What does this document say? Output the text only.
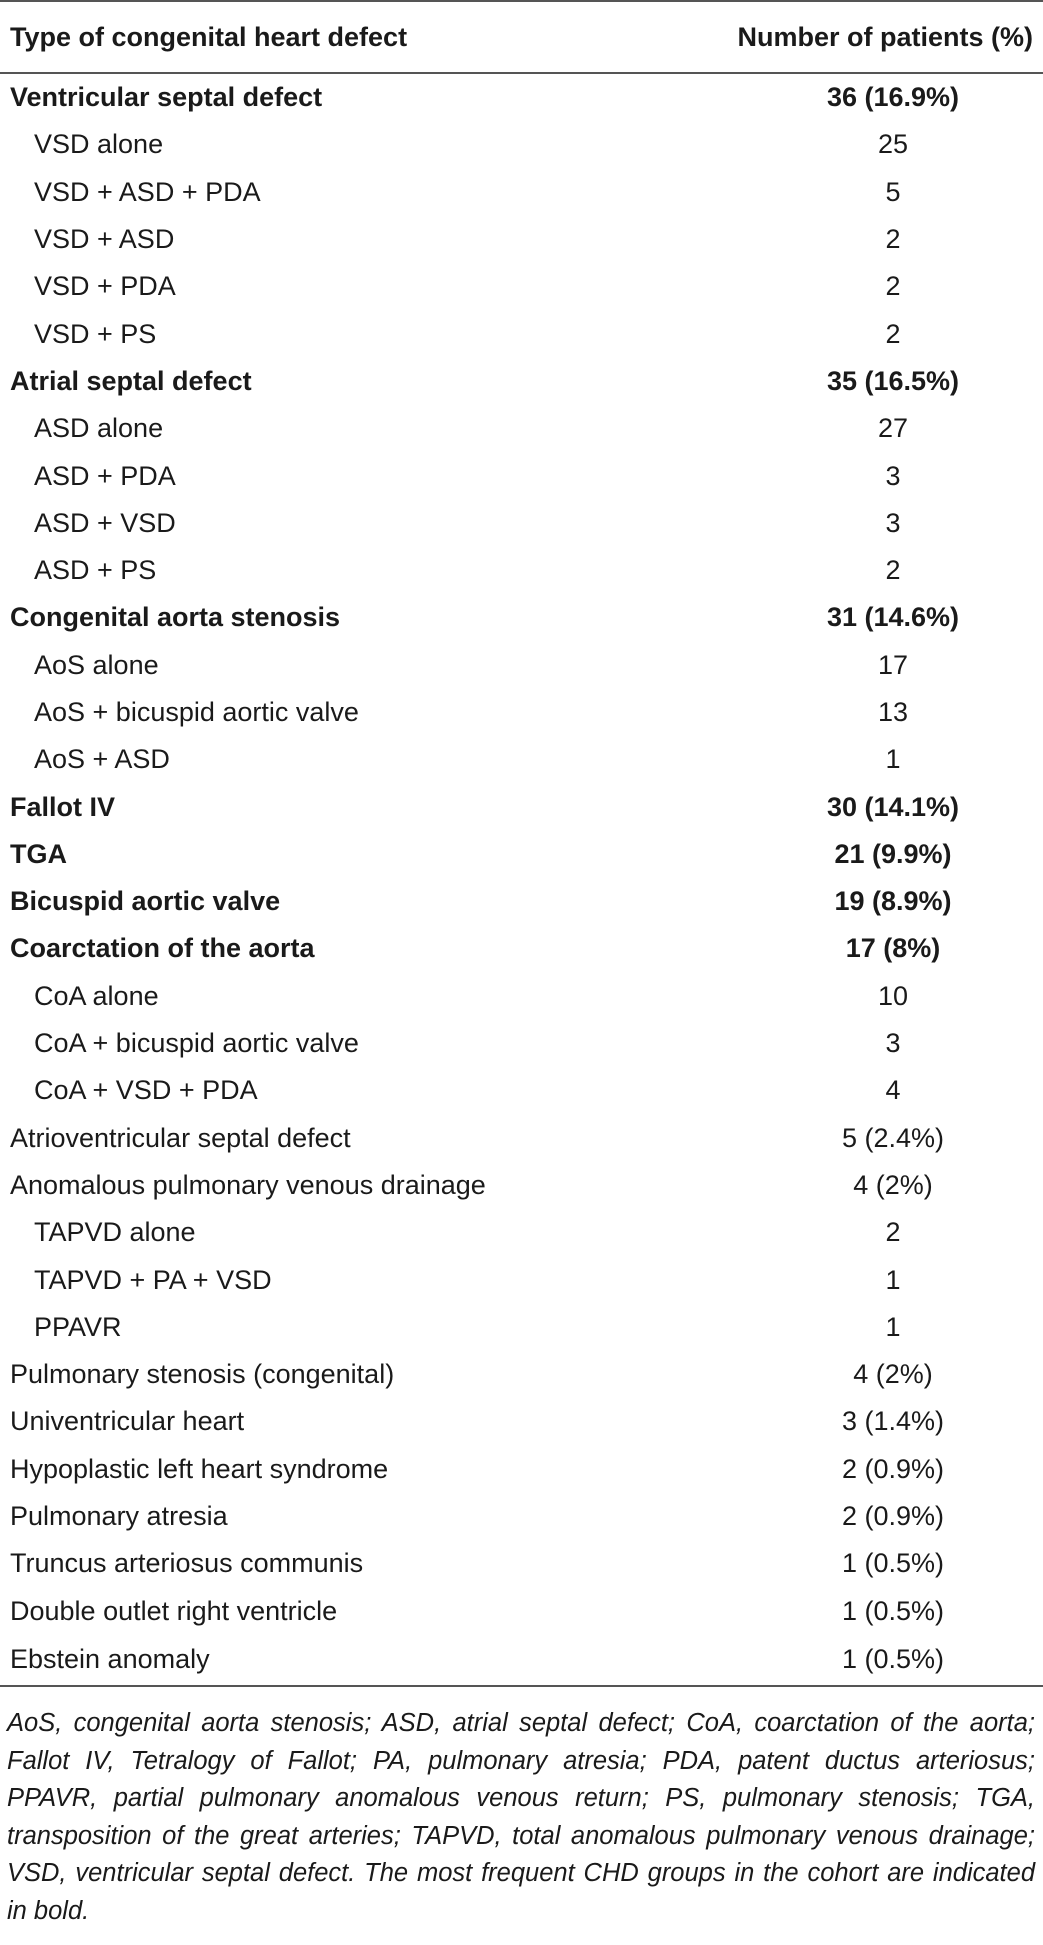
Type of congenital heart defect	Number of patients (%)
Ventricular septal defect	36 (16.9%)
VSD alone	25
VSD + ASD + PDA	5
VSD + ASD	2
VSD + PDA	2
VSD + PS	2
Atrial septal defect	35 (16.5%)
ASD alone	27
ASD + PDA	3
ASD + VSD	3
ASD + PS	2
Congenital aorta stenosis	31 (14.6%)
AoS alone	17
AoS + bicuspid aortic valve	13
AoS + ASD	1
Fallot IV	30 (14.1%)
TGA	21 (9.9%)
Bicuspid aortic valve	19 (8.9%)
Coarctation of the aorta	17 (8%)
CoA alone	10
CoA + bicuspid aortic valve	3
CoA + VSD + PDA	4
Atrioventricular septal defect	5 (2.4%)
Anomalous pulmonary venous drainage	4 (2%)
TAPVD alone	2
TAPVD + PA + VSD	1
PPAVR	1
Pulmonary stenosis (congenital)	4 (2%)
Univentricular heart	3 (1.4%)
Hypoplastic left heart syndrome	2 (0.9%)
Pulmonary atresia	2 (0.9%)
Truncus arteriosus communis	1 (0.5%)
Double outlet right ventricle	1 (0.5%)
Ebstein anomaly	1 (0.5%)
AoS, congenital aorta stenosis; ASD, atrial septal defect; CoA, coarctation of the aorta; Fallot IV, Tetralogy of Fallot; PA, pulmonary atresia; PDA, patent ductus arteriosus; PPAVR, partial pulmonary anomalous venous return; PS, pulmonary stenosis; TGA, transposition of the great arteries; TAPVD, total anomalous pulmonary venous drainage; VSD, ventricular septal defect. The most frequent CHD groups in the cohort are indicated in bold.
